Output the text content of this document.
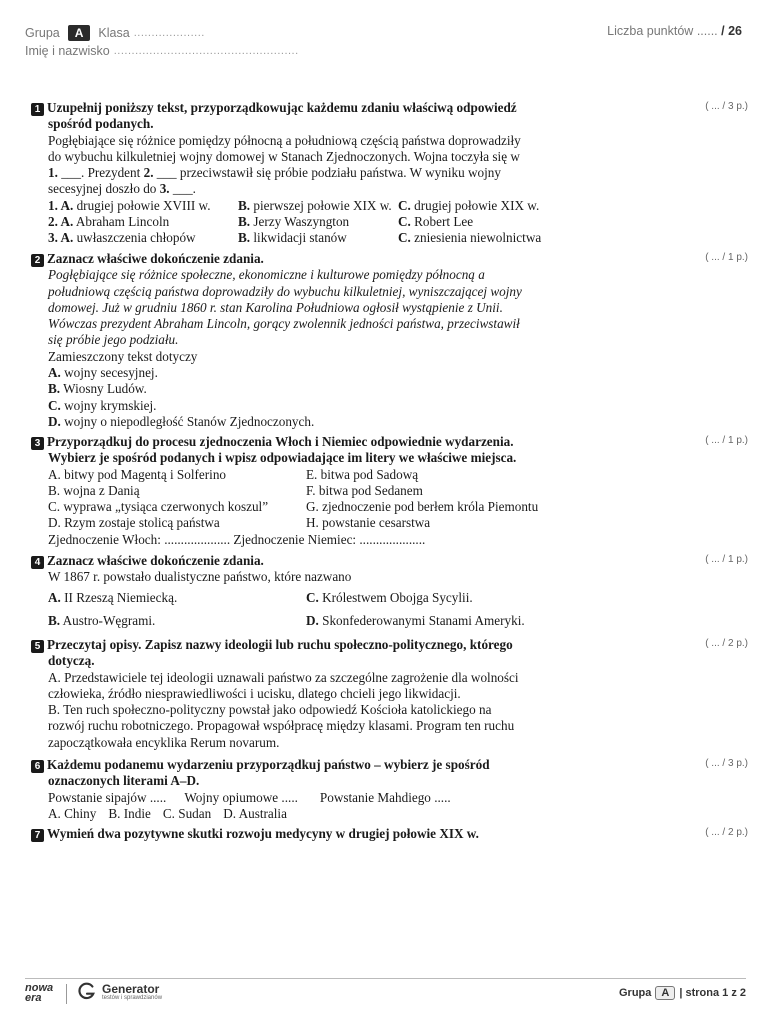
Grupa	A	Klasa ....................
Imię i nazwisko ....................................................
Liczba punktów ...... / 26
1 Uzupełnij poniższy tekst, przyporządkowując każdemu zdaniu właściwą odpowiedź
spośród podanych.
Pogłębiające się różnice pomiędzy północną a południową częścią państwa doprowadziły
do wybuchu kilkuletniej wojny domowej w Stanach Zjednoczonych. Wojna toczyła się w
1. ___. Prezydent 2. ___ przeciwstawił się próbie podziału państwa. W wyniku wojny
secesyjnej doszło do 3. ___.
1. A. drugiej połowie XVIII w.	B. pierwszej połowie XIX w. C. drugiej połowie XIX w.
2. A. Abraham Lincoln	B. Jerzy Waszyngton	C. Robert Lee
3. A. uwłaszczenia chłopów	B. likwidacji stanów	C. zniesienia niewolnictwa
( ... / 3 p.)
2 Zaznacz właściwe dokończenie zdania.
Pogłębiające się różnice społeczne, ekonomiczne i kulturowe pomiędzy północną a
południową częścią państwa doprowadziły do wybuchu kilkuletniej, wyniszczającej wojny
domowej. Już w grudniu 1860 r. stan Karolina Południowa ogłosił wystąpienie z Unii.
Wówczas prezydent Abraham Lincoln, gorący zwolennik jedności państwa, przeciwstawił
się próbie jego podziału.
Zamieszczony tekst dotyczy
A. wojny secesyjnej.
B. Wiosny Ludów.
C. wojny krymskiej.
D. wojny o niepodległość Stanów Zjednoczonych.
( ... / 1 p.)
3 Przyporządkuj do procesu zjednoczenia Włoch i Niemiec odpowiednie wydarzenia.
Wybierz je spośród podanych i wpisz odpowiadające im litery we właściwe miejsca.
A. bitwy pod Magentą i Solferino	E. bitwa pod Sadową
B. wojna z Danią	F. bitwa pod Sedanem
C. wyprawa „tysiąca czerwonych koszul”	G. zjednoczenie pod berłem króla Piemontu
D. Rzym zostaje stolicą państwa	H. powstanie cesarstwa
Zjednoczenie Włoch: .................... Zjednoczenie Niemiec: ....................
( ... / 1 p.)
4 Zaznacz właściwe dokończenie zdania.
W 1867 r. powstało dualistyczne państwo, które nazwano
A. II Rzeszą Niemiecką.	C. Królestwem Obojga Sycylii.
B. Austro-Węgrami.	D. Skonfederowanymi Stanami Ameryki.
( ... / 1 p.)
5 Przeczytaj opisy. Zapisz nazwy ideologii lub ruchu społeczno-politycznego, którego
dotyczą.
A. Przedstawiciele tej ideologii uznawali państwo za szczególne zagrożenie dla wolności
człowieka, źródło niesprawiedliwości i ucisku, dlatego chcieli jego likwidacji.
B. Ten ruch społeczno-polityczny powstał jako odpowiedź Kościoła katolickiego na
rozwój ruchu robotniczego. Propagował współpracę między klasami. Program ten ruchu
zapoczątkowała encyklika Rerum novarum.
( ... / 2 p.)
6 Każdemu podanemu wydarzeniu przyporządkuj państwo – wybierz je spośród
oznaczonych literami A–D.
Powstanie sipajów ..... Wojny opiumowe ..... Powstanie Mahdiego .....
A. Chiny B. Indie C. Sudan D. Australia
( ... / 3 p.)
7 Wymień dwa pozytywne skutki rozwoju medycyny w drugiej połowie XIX w.	( ... / 2 p.)
nowa
era
Generator
testów i sprawdzianów	Grupa A | strona 1 z 2
